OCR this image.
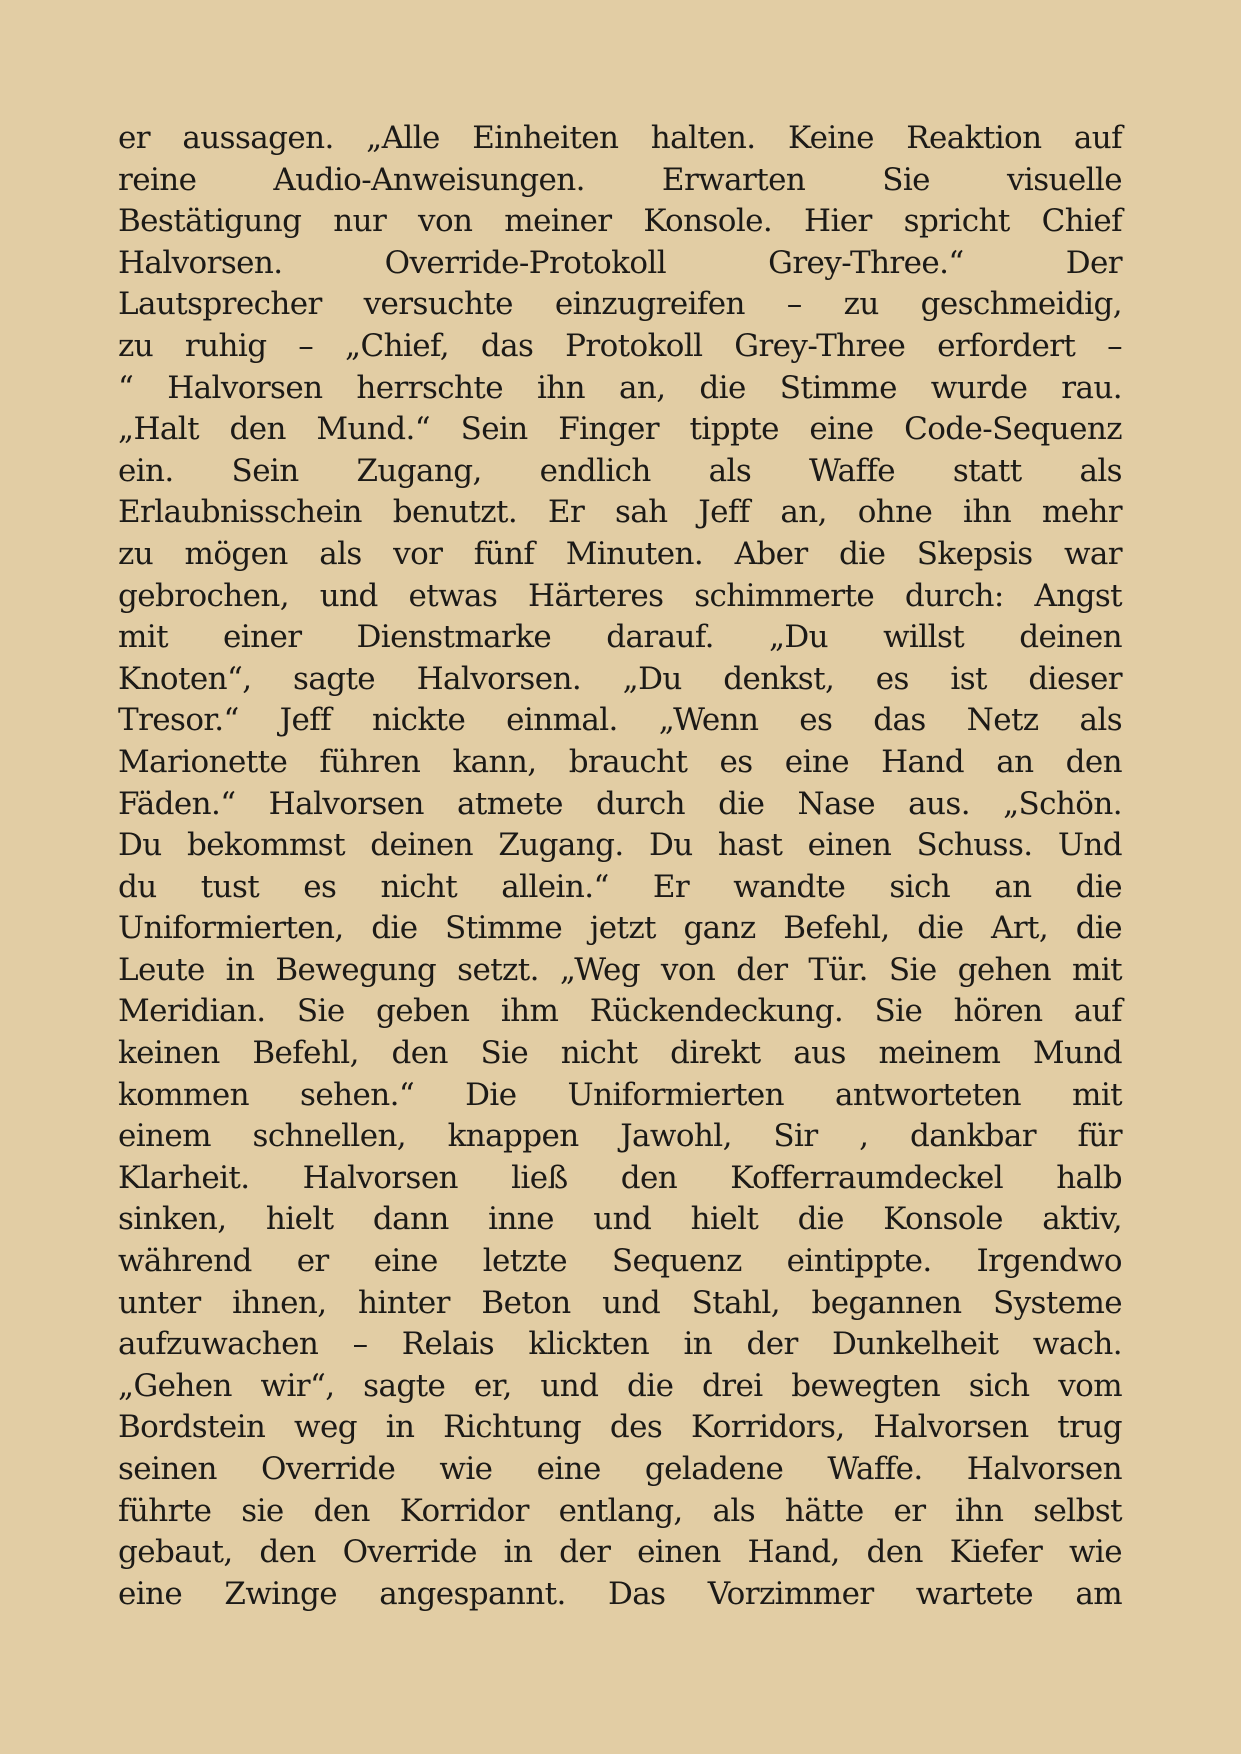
er aussagen. „Alle Einheiten halten. Keine Reaktion auf
reine Audio-Anweisungen. Erwarten Sie visuelle
Bestätigung nur von meiner Konsole. Hier spricht Chief
Halvorsen. Override-Protokoll Grey-Three.“ Der
Lautsprecher versuchte einzugreifen – zu geschmeidig,
zu ruhig – „Chief, das Protokoll Grey-Three erfordert –
“ Halvorsen herrschte ihn an, die Stimme wurde rau.
„Halt den Mund.“ Sein Finger tippte eine Code-Sequenz
ein. Sein Zugang, endlich als Waffe statt als
Erlaubnisschein benutzt. Er sah Jeff an, ohne ihn mehr
zu mögen als vor fünf Minuten. Aber die Skepsis war
gebrochen, und etwas Härteres schimmerte durch: Angst
mit einer Dienstmarke darauf. „Du willst deinen
Knoten“, sagte Halvorsen. „Du denkst, es ist dieser
Tresor.“ Jeff nickte einmal. „Wenn es das Netz als
Marionette führen kann, braucht es eine Hand an den
Fäden.“ Halvorsen atmete durch die Nase aus. „Schön.
Du bekommst deinen Zugang. Du hast einen Schuss. Und
du tust es nicht allein.“ Er wandte sich an die
Uniformierten, die Stimme jetzt ganz Befehl, die Art, die
Leute in Bewegung setzt. „Weg von der Tür. Sie gehen mit
Meridian. Sie geben ihm Rückendeckung. Sie hören auf
keinen Befehl, den Sie nicht direkt aus meinem Mund
kommen sehen.“ Die Uniformierten antworteten mit
einem schnellen, knappen Jawohl, Sir , dankbar für
Klarheit. Halvorsen ließ den Kofferraumdeckel halb
sinken, hielt dann inne und hielt die Konsole aktiv,
während er eine letzte Sequenz eintippte. Irgendwo
unter ihnen, hinter Beton und Stahl, begannen Systeme
aufzuwachen – Relais klickten in der Dunkelheit wach.
„Gehen wir“, sagte er, und die drei bewegten sich vom
Bordstein weg in Richtung des Korridors, Halvorsen trug
seinen Override wie eine geladene Waffe. Halvorsen
führte sie den Korridor entlang, als hätte er ihn selbst
gebaut, den Override in der einen Hand, den Kiefer wie
eine Zwinge angespannt. Das Vorzimmer wartete am
